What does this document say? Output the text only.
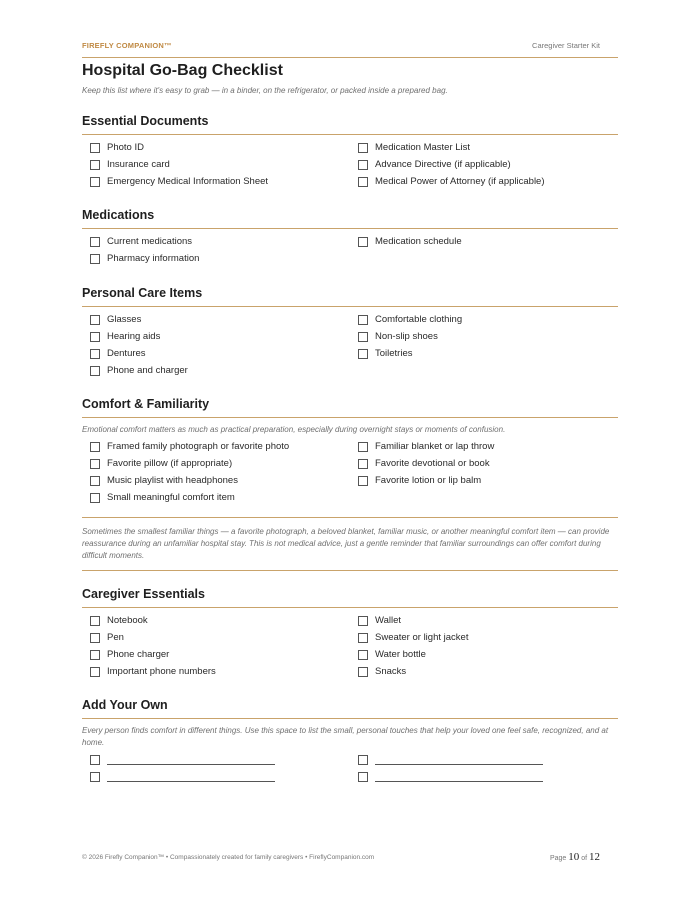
FIREFLY COMPANION™	Caregiver Starter Kit
Hospital Go-Bag Checklist
Keep this list where it's easy to grab — in a binder, on the refrigerator, or packed inside a prepared bag.
Essential Documents
Photo ID
Insurance card
Emergency Medical Information Sheet
Medication Master List
Advance Directive (if applicable)
Medical Power of Attorney (if applicable)
Medications
Current medications
Pharmacy information
Medication schedule
Personal Care Items
Glasses
Hearing aids
Dentures
Phone and charger
Comfortable clothing
Non-slip shoes
Toiletries
Comfort & Familiarity
Emotional comfort matters as much as practical preparation, especially during overnight stays or moments of confusion.
Framed family photograph or favorite photo
Favorite pillow (if appropriate)
Music playlist with headphones
Small meaningful comfort item
Familiar blanket or lap throw
Favorite devotional or book
Favorite lotion or lip balm
Sometimes the smallest familiar things — a favorite photograph, a beloved blanket, familiar music, or another meaningful comfort item — can provide reassurance during an unfamiliar hospital stay. This is not medical advice, just a gentle reminder that familiar surroundings can offer comfort during difficult moments.
Caregiver Essentials
Notebook
Pen
Phone charger
Important phone numbers
Wallet
Sweater or light jacket
Water bottle
Snacks
Add Your Own
Every person finds comfort in different things. Use this space to list the small, personal touches that help your loved one feel safe, recognized, and at home.
© 2026 Firefly Companion™ • Compassionately created for family caregivers • FireflyCompanion.com	Page 10 of 12
